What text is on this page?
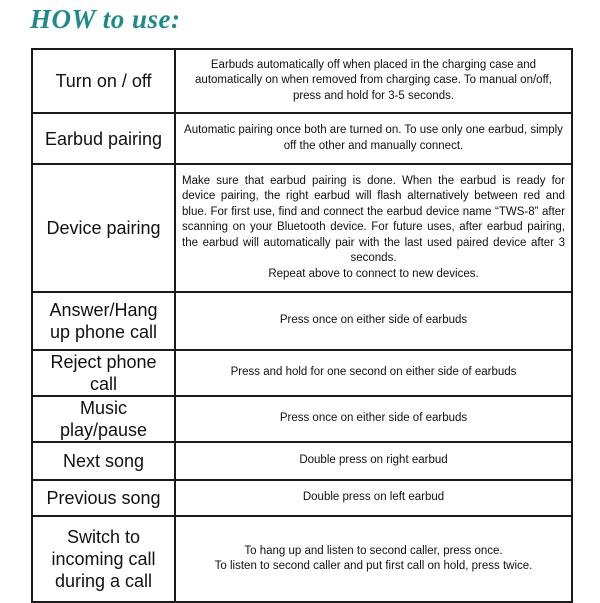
HOW to use:
Turn on / off	Earbuds automatically off when placed in the charging case and automatically on when removed from charging case. To manual on/off, press and hold for 3-5 seconds.
Earbud pairing	Automatic pairing once both are turned on. To use only one earbud, simply off the other and manually connect.
Device pairing	Make sure that earbud pairing is done. When the earbud is ready for device pairing, the right earbud will flash alternatively between red and blue. For first use, find and connect the earbud device name “TWS-8” after scanning on your Bluetooth device. For future uses, after earbud pairing, the earbud will automatically pair with the last used paired device after 3 seconds.
Repeat above to connect to new devices.

Answer/Hang up phone call	Press once on either side of earbuds
Reject phone call	Press and hold for one second on either side of earbuds
Music play/pause	Press once on either side of earbuds
Next song	Double press on right earbud
Previous song	Double press on left earbud
Switch to incoming call during a call	To hang up and listen to second caller, press once.
To listen to second caller and put first call on hold, press twice.
